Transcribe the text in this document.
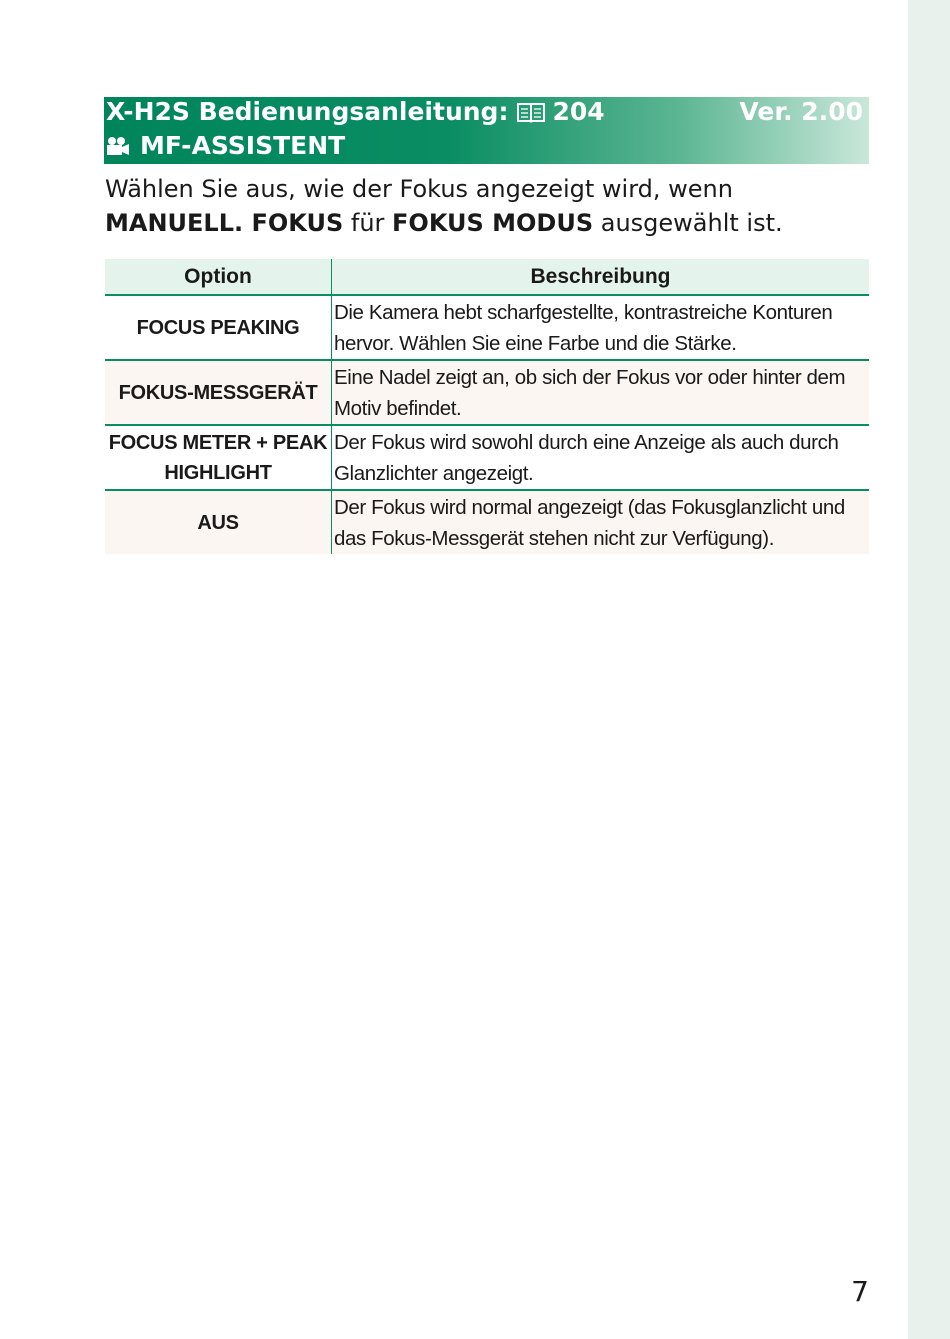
X-H2S Bedienungsanleitung: 204	Ver. 2.00
MF-ASSISTENT
Wählen Sie aus, wie der Fokus angezeigt wird, wenn MANUELL. FOKUS für FOKUS MODUS ausgewählt ist.
Option	Beschreibung
FOCUS PEAKING	Die Kamera hebt scharfgestellte, kontrastreiche Konturen hervor. Wählen Sie eine Farbe und die Stärke.
FOKUS-MESSGERÄT	Eine Nadel zeigt an, ob sich der Fokus vor oder hinter dem Motiv befindet.
FOCUS METER + PEAK HIGHLIGHT	Der Fokus wird sowohl durch eine Anzeige als auch durch Glanzlichter angezeigt.
AUS	Der Fokus wird normal angezeigt (das Fokusglanzlicht und das Fokus-Messgerät stehen nicht zur Verfügung).
7
